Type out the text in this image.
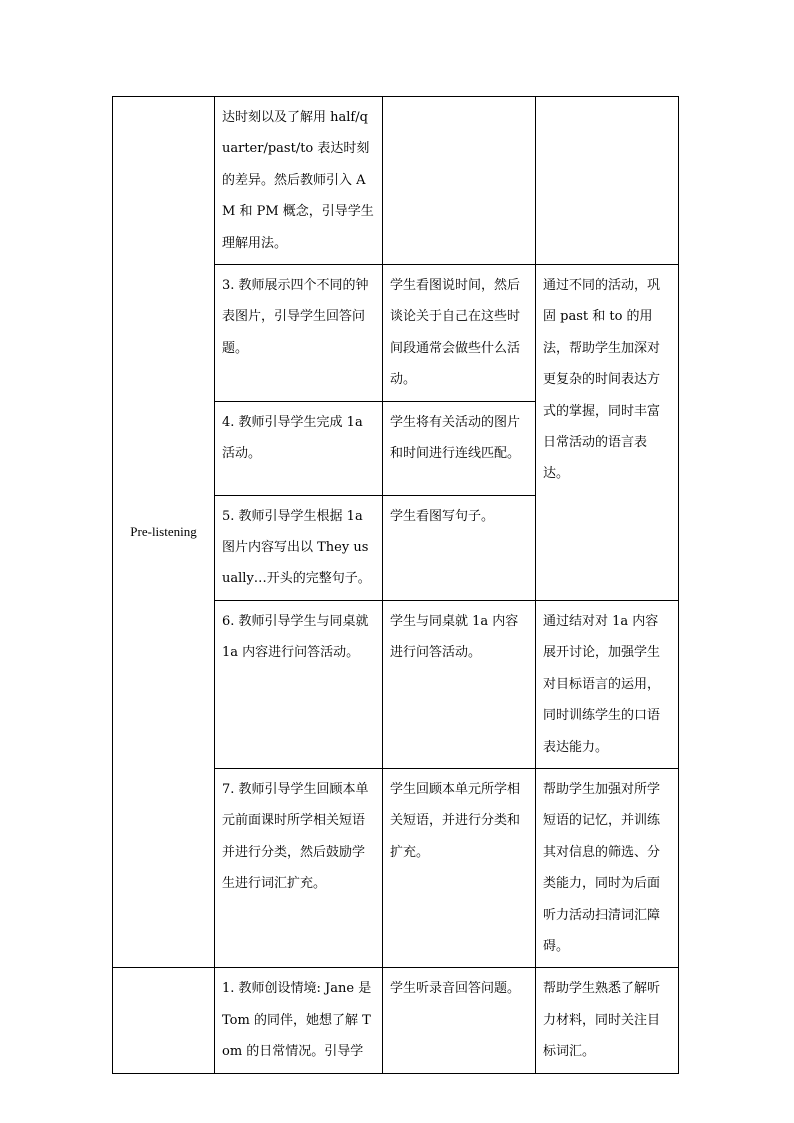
Pre-listening	达时刻以及了解用 half/quarter/past/to 表达时刻的差异。然后教师引入 AM 和 PM 概念，引导学生理解用法。		

	3. 教师展示四个不同的钟表图片，引导学生回答问题。	学生看图说时间，然后谈论关于自己在这些时间段通常会做些什么活动。	通过不同的活动，巩固 past 和 to 的用法，帮助学生加深对更复杂的时间表达方式的掌握，同时丰富日常活动的语言表达。

	4. 教师引导学生完成 1a 活动。	学生将有关活动的图片和时间进行连线匹配。	

	5. 教师引导学生根据 1a 图片内容写出以 They usually…开头的完整句子。	学生看图写句子。	

	6. 教师引导学生与同桌就 1a 内容进行问答活动。	学生与同桌就 1a 内容进行问答活动。	通过结对对 1a 内容展开讨论，加强学生对目标语言的运用，同时训练学生的口语表达能力。

	7. 教师引导学生回顾本单元前面课时所学相关短语并进行分类，然后鼓励学生进行词汇扩充。	学生回顾本单元所学相关短语，并进行分类和扩充。	帮助学生加强对所学短语的记忆，并训练其对信息的筛选、分类能力，同时为后面听力活动扫清词汇障碍。

	1. 教师创设情境: Jane 是 Tom 的同伴，她想了解 Tom 的日常情况。引导学	学生听录音回答问题。	帮助学生熟悉了解听力材料，同时关注目标词汇。
